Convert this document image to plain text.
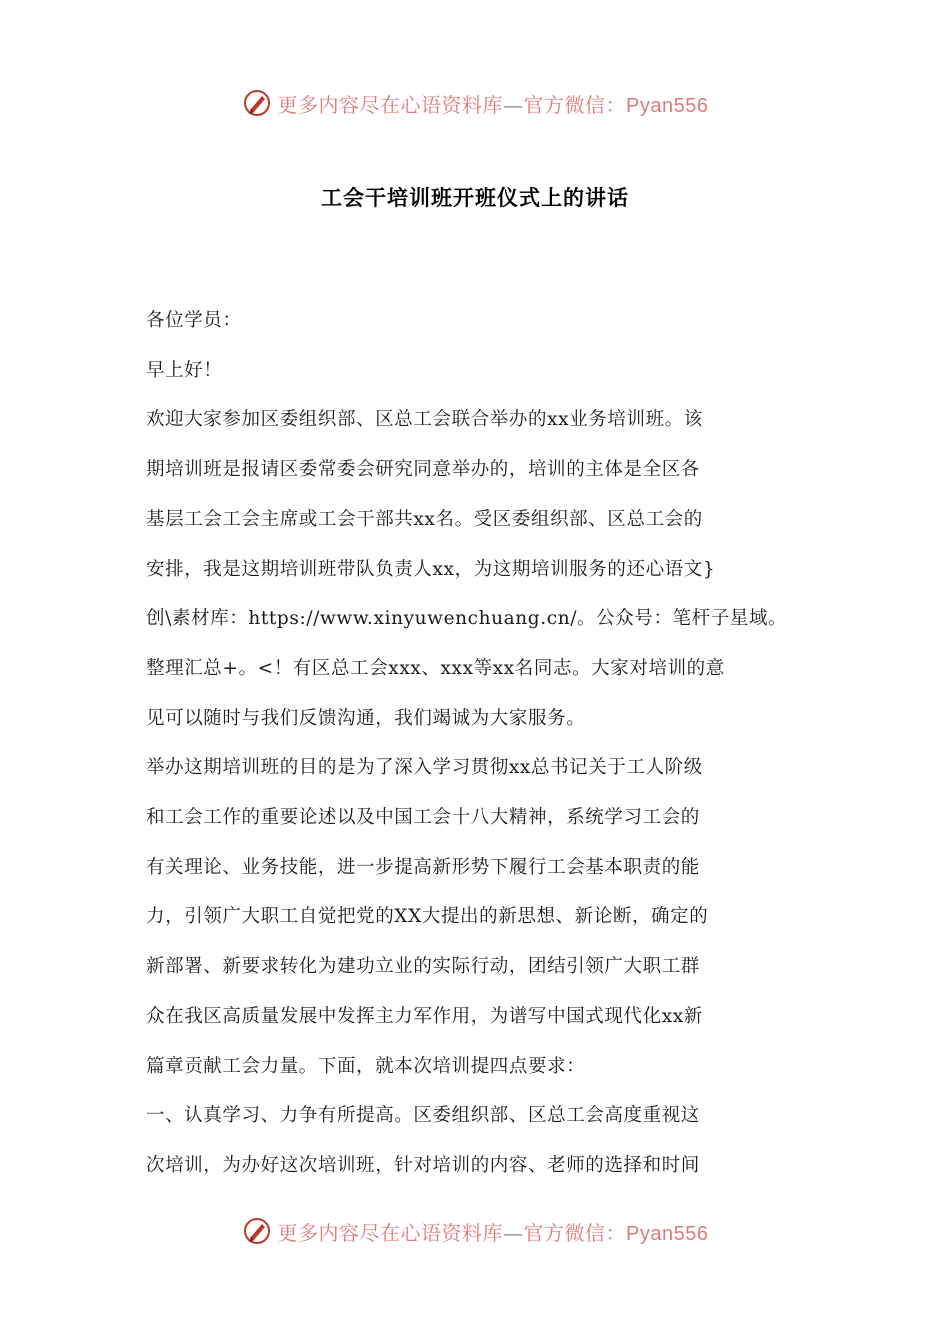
更多内容尽在心语资料库—官方微信：Pyan556
工会干培训班开班仪式上的讲话
各位学员：
早上好！
欢迎大家参加区委组织部、区总工会联合举办的xx业务培训班。该
期培训班是报请区委常委会研究同意举办的，培训的主体是全区各
基层工会工会主席或工会干部共xx名。受区委组织部、区总工会的
安排，我是这期培训班带队负责人xx，为这期培训服务的还心语文}
创\素材库：https://www.xinyuwenchuang.cn/。公众号：笔杆子星域。
整理汇总+。<！有区总工会xxx、xxx等xx名同志。大家对培训的意
见可以随时与我们反馈沟通，我们竭诚为大家服务。
举办这期培训班的目的是为了深入学习贯彻xx总书记关于工人阶级
和工会工作的重要论述以及中国工会十八大精神，系统学习工会的
有关理论、业务技能，进一步提高新形势下履行工会基本职责的能
力，引领广大职工自觉把党的XX大提出的新思想、新论断，确定的
新部署、新要求转化为建功立业的实际行动，团结引领广大职工群
众在我区高质量发展中发挥主力军作用，为谱写中国式现代化xx新
篇章贡献工会力量。下面，就本次培训提四点要求：
一、认真学习、力争有所提高。区委组织部、区总工会高度重视这
次培训，为办好这次培训班，针对培训的内容、老师的选择和时间
更多内容尽在心语资料库—官方微信：Pyan556
